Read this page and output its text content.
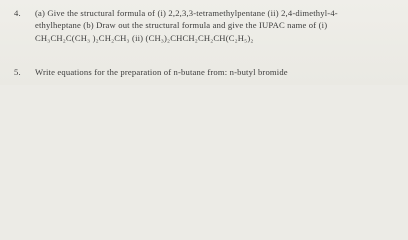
4. (a) Give the structural formula of (i) 2,2,3,3-tetramethylpentane (ii) 2,4-dimethyl-4-
ethylheptane (b) Draw out the structural formula and give the IUPAC name of (i)
CH₃CH₂C(CH₃ )₂CH₂CH₃ (ii) (CH₃)₂CHCH₂CH₂CH(C₂H₅)₂
5. Write equations for the preparation of n-butane from: n-butyl bromide
